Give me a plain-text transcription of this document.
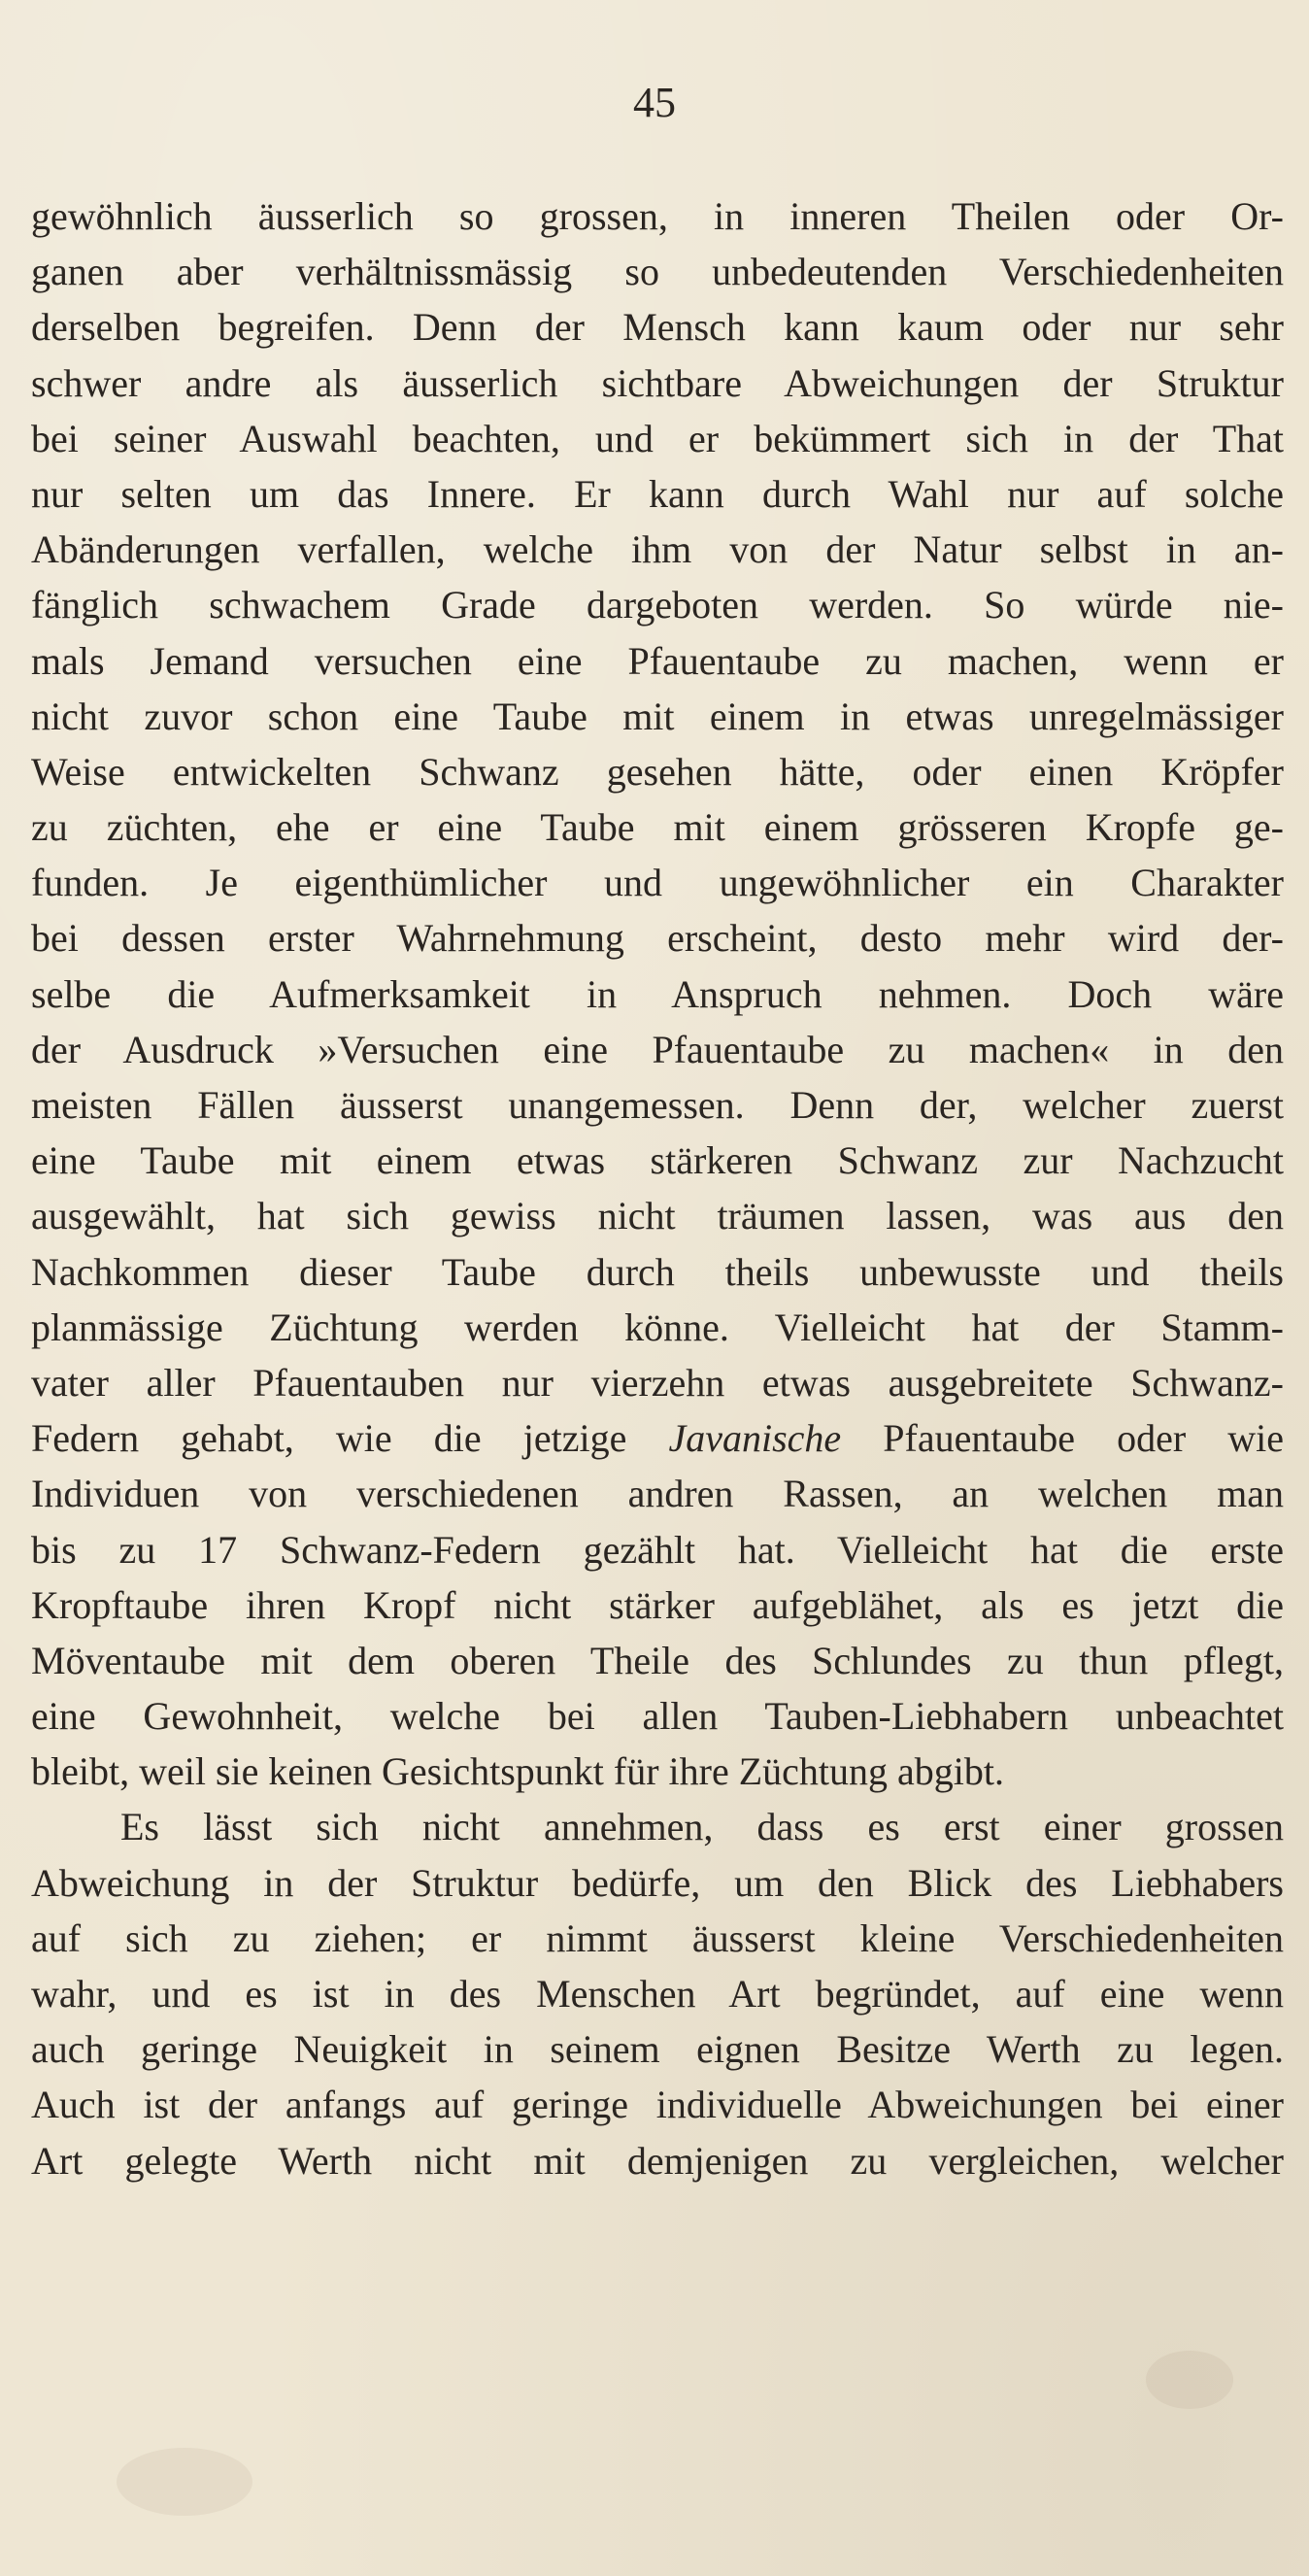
45
gewöhnlich äusserlich so grossen, in inneren Theilen oder Or-
ganen aber verhältnissmässig so unbedeutenden Verschiedenheiten
derselben begreifen. Denn der Mensch kann kaum oder nur sehr
schwer andre als äusserlich sichtbare Abweichungen der Struktur
bei seiner Auswahl beachten, und er bekümmert sich in der That
nur selten um das Innere. Er kann durch Wahl nur auf solche
Abänderungen verfallen, welche ihm von der Natur selbst in an-
fänglich schwachem Grade dargeboten werden. So würde nie-
mals Jemand versuchen eine Pfauentaube zu machen, wenn er
nicht zuvor schon eine Taube mit einem in etwas unregelmässiger
Weise entwickelten Schwanz gesehen hätte, oder einen Kröpfer
zu züchten, ehe er eine Taube mit einem grösseren Kropfe ge-
funden. Je eigenthümlicher und ungewöhnlicher ein Charakter
bei dessen erster Wahrnehmung erscheint, desto mehr wird der-
selbe die Aufmerksamkeit in Anspruch nehmen. Doch wäre
der Ausdruck »Versuchen eine Pfauentaube zu machen« in den
meisten Fällen äusserst unangemessen. Denn der, welcher zuerst
eine Taube mit einem etwas stärkeren Schwanz zur Nachzucht
ausgewählt, hat sich gewiss nicht träumen lassen, was aus den
Nachkommen dieser Taube durch theils unbewusste und theils
planmässige Züchtung werden könne. Vielleicht hat der Stamm-
vater aller Pfauentauben nur vierzehn etwas ausgebreitete Schwanz-
Federn gehabt, wie die jetzige Javanische Pfauentaube oder wie
Individuen von verschiedenen andren Rassen, an welchen man
bis zu 17 Schwanz-Federn gezählt hat. Vielleicht hat die erste
Kropftaube ihren Kropf nicht stärker aufgeblähet, als es jetzt die
Möventaube mit dem oberen Theile des Schlundes zu thun pflegt,
eine Gewohnheit, welche bei allen Tauben-Liebhabern unbeachtet
bleibt, weil sie keinen Gesichtspunkt für ihre Züchtung abgibt.
Es lässt sich nicht annehmen, dass es erst einer grossen
Abweichung in der Struktur bedürfe, um den Blick des Liebhabers
auf sich zu ziehen; er nimmt äusserst kleine Verschiedenheiten
wahr, und es ist in des Menschen Art begründet, auf eine wenn
auch geringe Neuigkeit in seinem eignen Besitze Werth zu legen.
Auch ist der anfangs auf geringe individuelle Abweichungen bei einer
Art gelegte Werth nicht mit demjenigen zu vergleichen, welcher
